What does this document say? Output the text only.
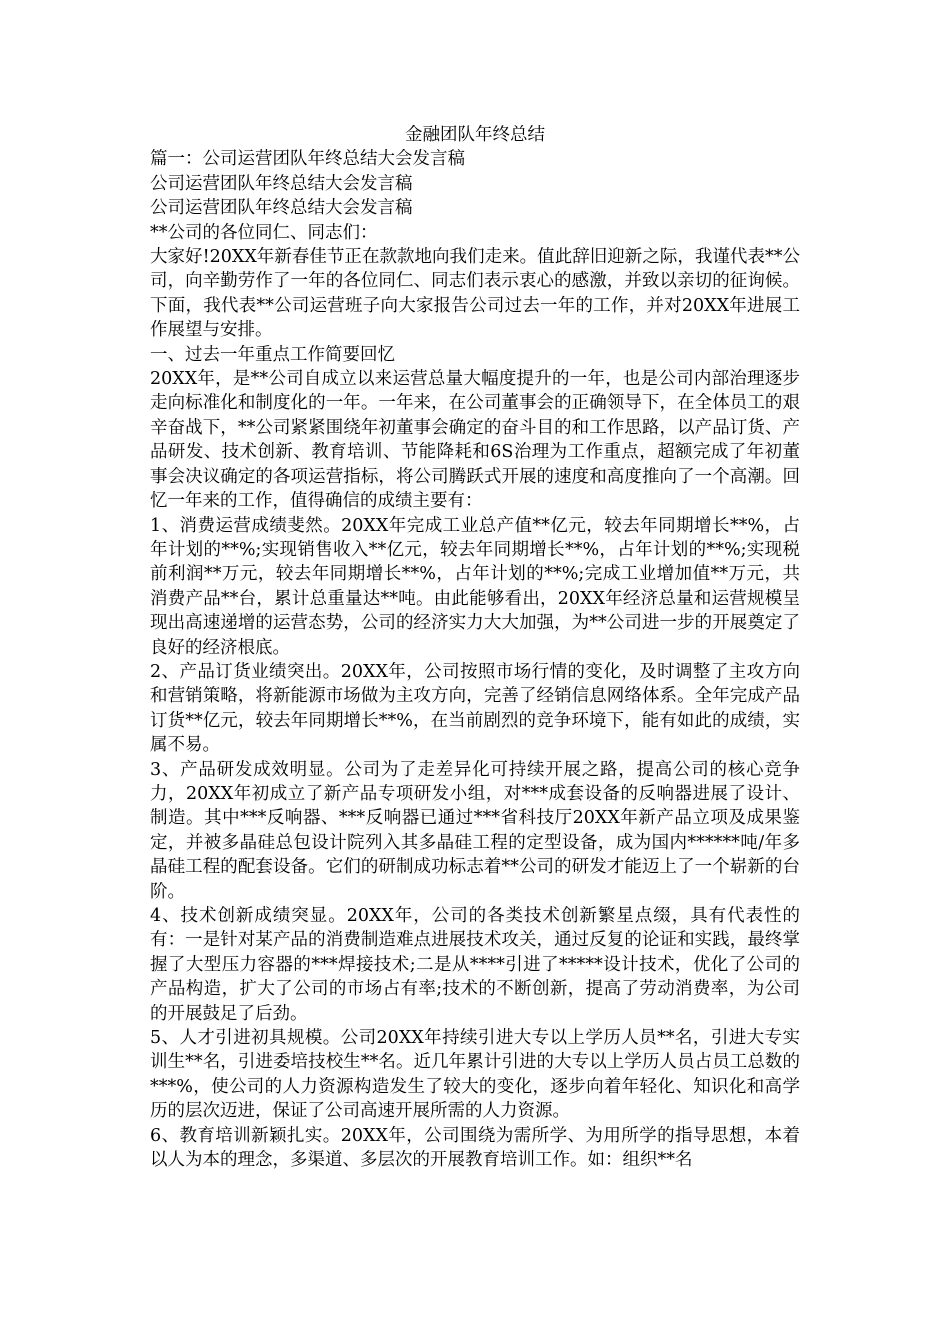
金融团队年终总结

篇一：公司运营团队年终总结大会发言稿

公司运营团队年终总结大会发言稿

公司运营团队年终总结大会发言稿

**公司的各位同仁、同志们：

大家好!20XX年新春佳节正在款款地向我们走来。值此辞旧迎新之际，我谨代表**公司，向辛勤劳作了一年的各位同仁、同志们表示衷心的感激，并致以亲切的征询候。下面，我代表**公司运营班子向大家报告公司过去一年的工作，并对20XX年进展工作展望与安排。

一、过去一年重点工作简要回忆

20XX年，是**公司自成立以来运营总量大幅度提升的一年，也是公司内部治理逐步走向标准化和制度化的一年。一年来，在公司董事会的正确领导下，在全体员工的艰辛奋战下，**公司紧紧围绕年初董事会确定的奋斗目的和工作思路，以产品订货、产品研发、技术创新、教育培训、节能降耗和6S治理为工作重点，超额完成了年初董事会决议确定的各项运营指标，将公司腾跃式开展的速度和高度推向了一个高潮。回忆一年来的工作，值得确信的成绩主要有：

1、消费运营成绩斐然。20XX年完成工业总产值**亿元，较去年同期增长**%，占年计划的**%;实现销售收入**亿元，较去年同期增长**%，占年计划的**%;实现税前利润**万元，较去年同期增长**%，占年计划的**%;完成工业增加值**万元，共消费产品**台，累计总重量达**吨。由此能够看出，20XX年经济总量和运营规模呈现出高速递增的运营态势，公司的经济实力大大加强，为**公司进一步的开展奠定了良好的经济根底。

2、产品订货业绩突出。20XX年，公司按照市场行情的变化，及时调整了主攻方向和营销策略，将新能源市场做为主攻方向，完善了经销信息网络体系。全年完成产品订货**亿元，较去年同期增长**%，在当前剧烈的竞争环境下，能有如此的成绩，实属不易。

3、产品研发成效明显。公司为了走差异化可持续开展之路，提高公司的核心竞争力，20XX年初成立了新产品专项研发小组，对***成套设备的反响器进展了设计、制造。其中***反响器、***反响器已通过***省科技厅20XX年新产品立项及成果鉴定，并被多晶硅总包设计院列入其多晶硅工程的定型设备，成为国内******吨/年多晶硅工程的配套设备。它们的研制成功标志着**公司的研发才能迈上了一个崭新的台阶。

4、技术创新成绩突显。20XX年，公司的各类技术创新繁星点缀，具有代表性的有：一是针对某产品的消费制造难点进展技术攻关，通过反复的论证和实践，最终掌握了大型压力容器的***焊接技术;二是从****引进了*****设计技术，优化了公司的产品构造，扩大了公司的市场占有率;技术的不断创新，提高了劳动消费率，为公司的开展鼓足了后劲。

5、人才引进初具规模。公司20XX年持续引进大专以上学历人员**名，引进大专实训生**名，引进委培技校生**名。近几年累计引进的大专以上学历人员占员工总数的***%，使公司的人力资源构造发生了较大的变化，逐步向着年轻化、知识化和高学历的层次迈进，保证了公司高速开展所需的人力资源。

6、教育培训新颖扎实。20XX年，公司围绕为需所学、为用所学的指导思想，本着以人为本的理念，多渠道、多层次的开展教育培训工作。如：组织**名
